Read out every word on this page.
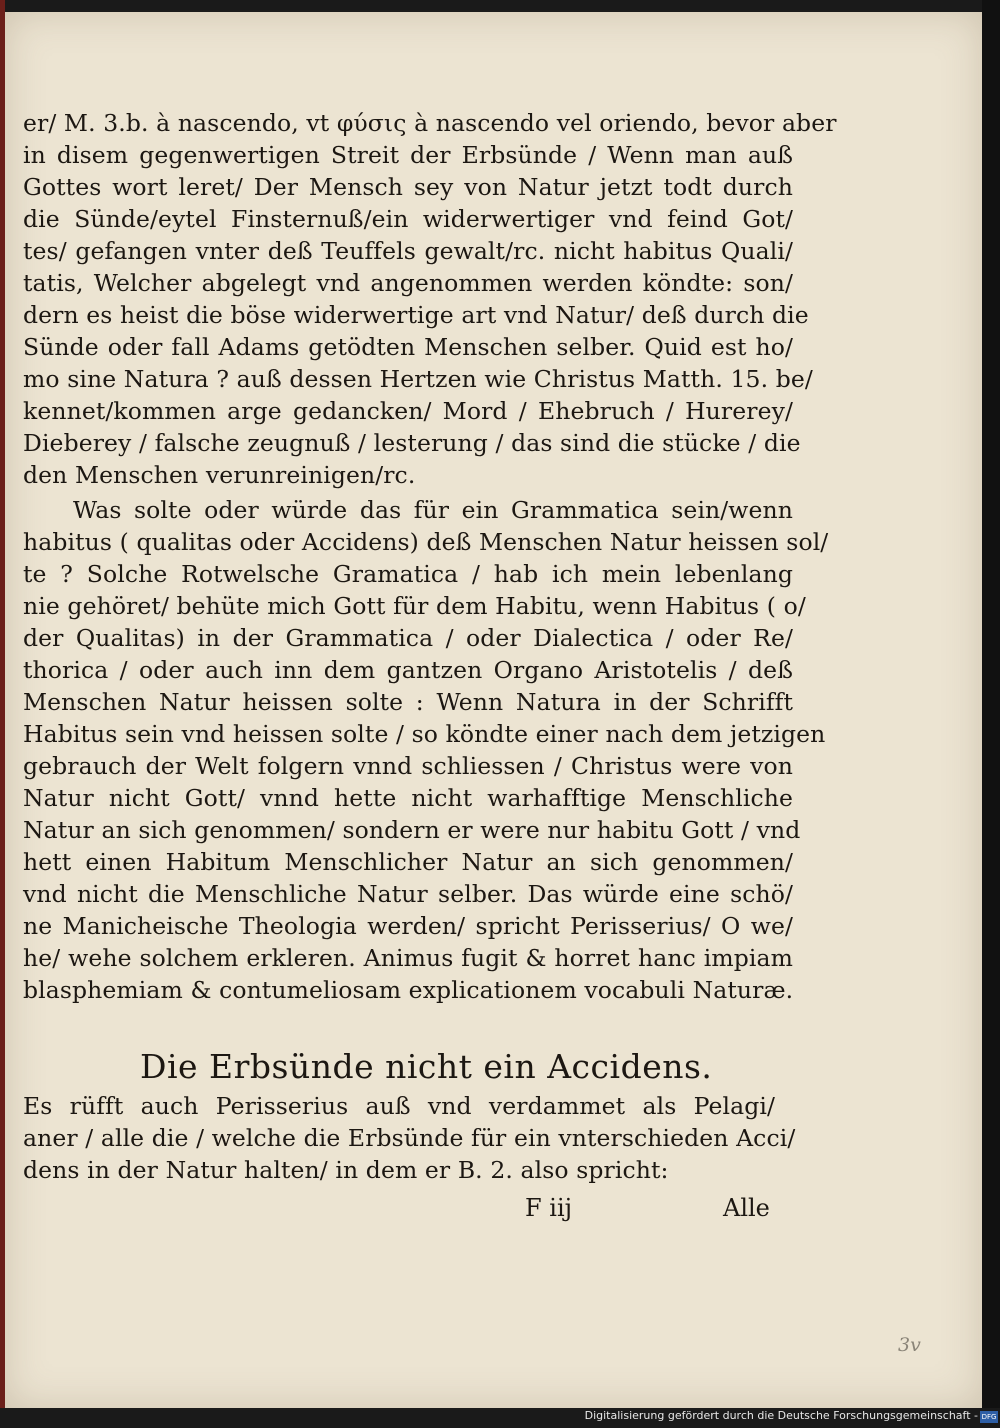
er/ M. 3.b. à nascendo, vt φύσις à nascendo vel oriendo, bevor aber
in disem gegenwertigen Streit der Erbsünde / Wenn man auß
Gottes wort leret/ Der Mensch sey von Natur jetzt todt durch
die Sünde/eytel Finsternuß/ein widerwertiger vnd feind Got/
tes/ gefangen vnter deß Teuffels gewalt/rc. nicht habitus Quali/
tatis, Welcher abgelegt vnd angenommen werden köndte: son/
dern es heist die böse widerwertige art vnd Natur/ deß durch die
Sünde oder fall Adams getödten Menschen selber. Quid est ho/
mo sine Natura ? auß dessen Hertzen wie Christus Matth. 15. be/
kennet/kommen arge gedancken/ Mord / Ehebruch / Hurerey/
Dieberey / falsche zeugnuß / lesterung / das sind die stücke / die
den Menschen verunreinigen/rc.
Was solte oder würde das für ein Grammatica sein/wenn
habitus ( qualitas oder Accidens) deß Menschen Natur heissen sol/
te ? Solche Rotwelsche Gramatica / hab ich mein lebenlang
nie gehöret/ behüte mich Gott für dem Habitu, wenn Habitus ( o/
der Qualitas) in der Grammatica / oder Dialectica / oder Re/
thorica / oder auch inn dem gantzen Organo Aristotelis / deß
Menschen Natur heissen solte : Wenn Natura in der Schrifft
Habitus sein vnd heissen solte / so köndte einer nach dem jetzigen
gebrauch der Welt folgern vnnd schliessen / Christus were von
Natur nicht Gott/ vnnd hette nicht warhafftige Menschliche
Natur an sich genommen/ sondern er were nur habitu Gott / vnd
hett einen Habitum Menschlicher Natur an sich genommen/
vnd nicht die Menschliche Natur selber. Das würde eine schö/
ne Manicheische Theologia werden/ spricht Perisserius/ O we/
he/ wehe solchem erkleren. Animus fugit & horret hanc impiam
blasphemiam & contumeliosam explicationem vocabuli Naturæ.
Es rüfft auch Perisserius auß vnd verdammet als Pelagi/
aner / alle die / welche die Erbsünde für ein vnterschieden Acci/
dens in der Natur halten/ in dem er B. 2. also spricht:
Die Erbsünde nicht ein Accidens.
F iij	Alle
3v
Digitalisierung gefördert durch die Deutsche Forschungsgemeinschaft - DFG
